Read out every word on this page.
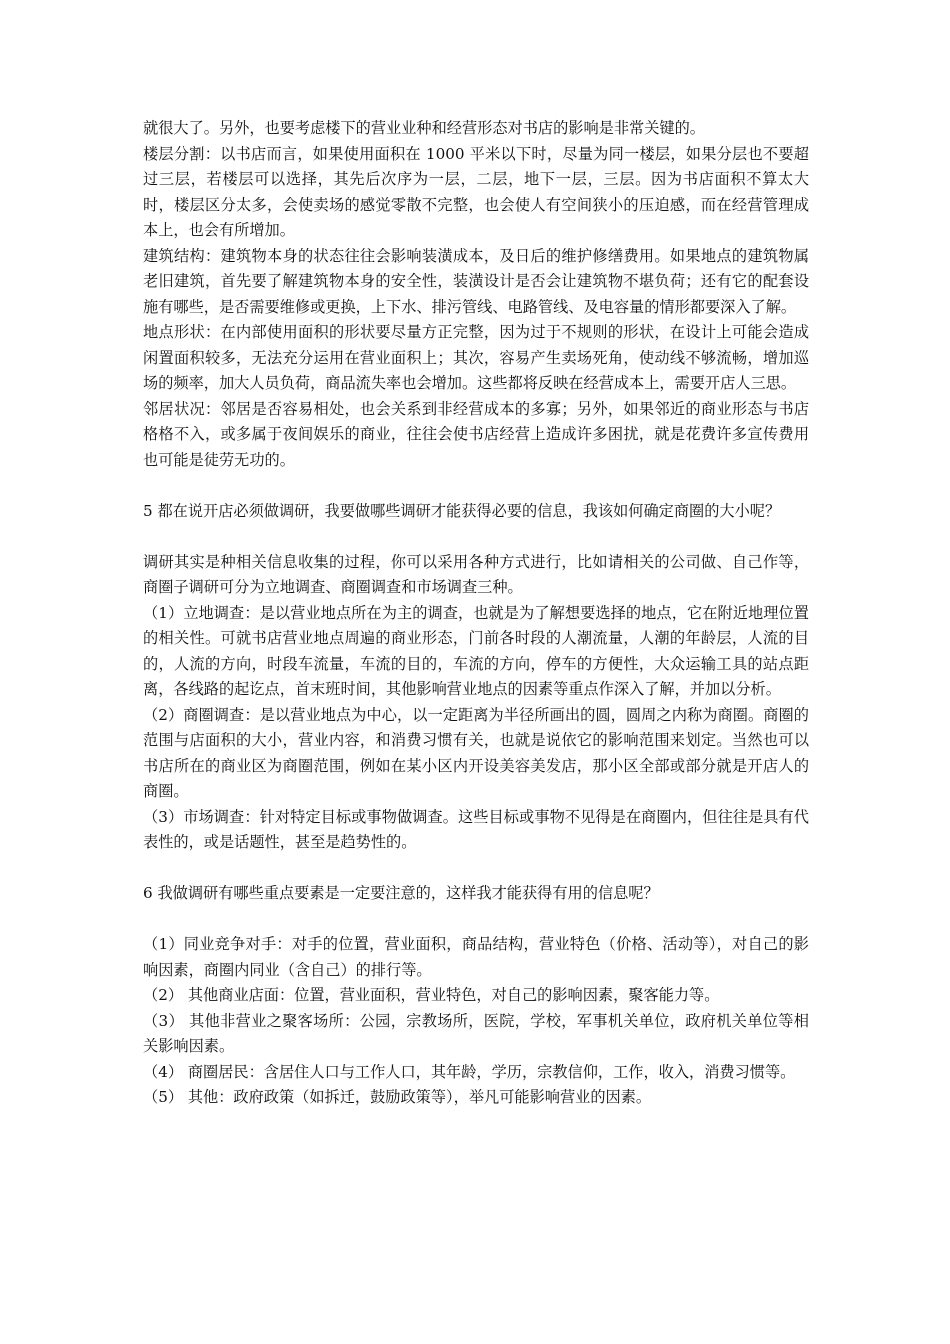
就很大了。另外，也要考虑楼下的营业业种和经营形态对书店的影响是非常关键的。

楼层分割：以书店而言，如果使用面积在 1000 平米以下时，尽量为同一楼层，如果分层也不要超过三层，若楼层可以选择，其先后次序为一层，二层，地下一层，三层。因为书店面积不算太大时，楼层区分太多，会使卖场的感觉零散不完整，也会使人有空间狭小的压迫感，而在经营管理成本上，也会有所增加。

建筑结构：建筑物本身的状态往往会影响装潢成本，及日后的维护修缮费用。如果地点的建筑物属老旧建筑，首先要了解建筑物本身的安全性，装潢设计是否会让建筑物不堪负荷；还有它的配套设施有哪些，是否需要维修或更换，上下水、排污管线、电路管线、及电容量的情形都要深入了解。

地点形状：在内部使用面积的形状要尽量方正完整，因为过于不规则的形状，在设计上可能会造成闲置面积较多，无法充分运用在营业面积上；其次，容易产生卖场死角，使动线不够流畅，增加巡场的频率，加大人员负荷，商品流失率也会增加。这些都将反映在经营成本上，需要开店人三思。

邻居状况：邻居是否容易相处，也会关系到非经营成本的多寡；另外，如果邻近的商业形态与书店格格不入，或多属于夜间娱乐的商业，往往会使书店经营上造成许多困扰，就是花费许多宣传费用也可能是徒劳无功的。

5 都在说开店必须做调研，我要做哪些调研才能获得必要的信息，我该如何确定商圈的大小呢？

调研其实是种相关信息收集的过程，你可以采用各种方式进行，比如请相关的公司做、自己作等，商圈子调研可分为立地调查、商圈调查和市场调查三种。

（1）立地调查：是以营业地点所在为主的调查，也就是为了解想要选择的地点，它在附近地理位置的相关性。可就书店营业地点周遍的商业形态，门前各时段的人潮流量，人潮的年龄层，人流的目的，人流的方向，时段车流量，车流的目的，车流的方向，停车的方便性，大众运输工具的站点距离，各线路的起讫点，首末班时间，其他影响营业地点的因素等重点作深入了解，并加以分析。

（2）商圈调查：是以营业地点为中心，以一定距离为半径所画出的圆，圆周之内称为商圈。商圈的范围与店面积的大小，营业内容，和消费习惯有关，也就是说依它的影响范围来划定。当然也可以书店所在的商业区为商圈范围，例如在某小区内开设美容美发店，那小区全部或部分就是开店人的商圈。

（3）市场调查：针对特定目标或事物做调查。这些目标或事物不见得是在商圈内，但往往是具有代表性的，或是话题性，甚至是趋势性的。

6 我做调研有哪些重点要素是一定要注意的，这样我才能获得有用的信息呢？

（1）同业竞争对手：对手的位置，营业面积，商品结构，营业特色（价格、活动等），对自己的影响因素，商圈内同业（含自己）的排行等。

（2） 其他商业店面：位置，营业面积，营业特色，对自己的影响因素，聚客能力等。

（3） 其他非营业之聚客场所：公园，宗教场所，医院，学校，军事机关单位，政府机关单位等相关影响因素。

（4） 商圈居民：含居住人口与工作人口，其年龄，学历，宗教信仰，工作，收入，消费习惯等。

（5） 其他：政府政策（如拆迁，鼓励政策等），举凡可能影响营业的因素。
